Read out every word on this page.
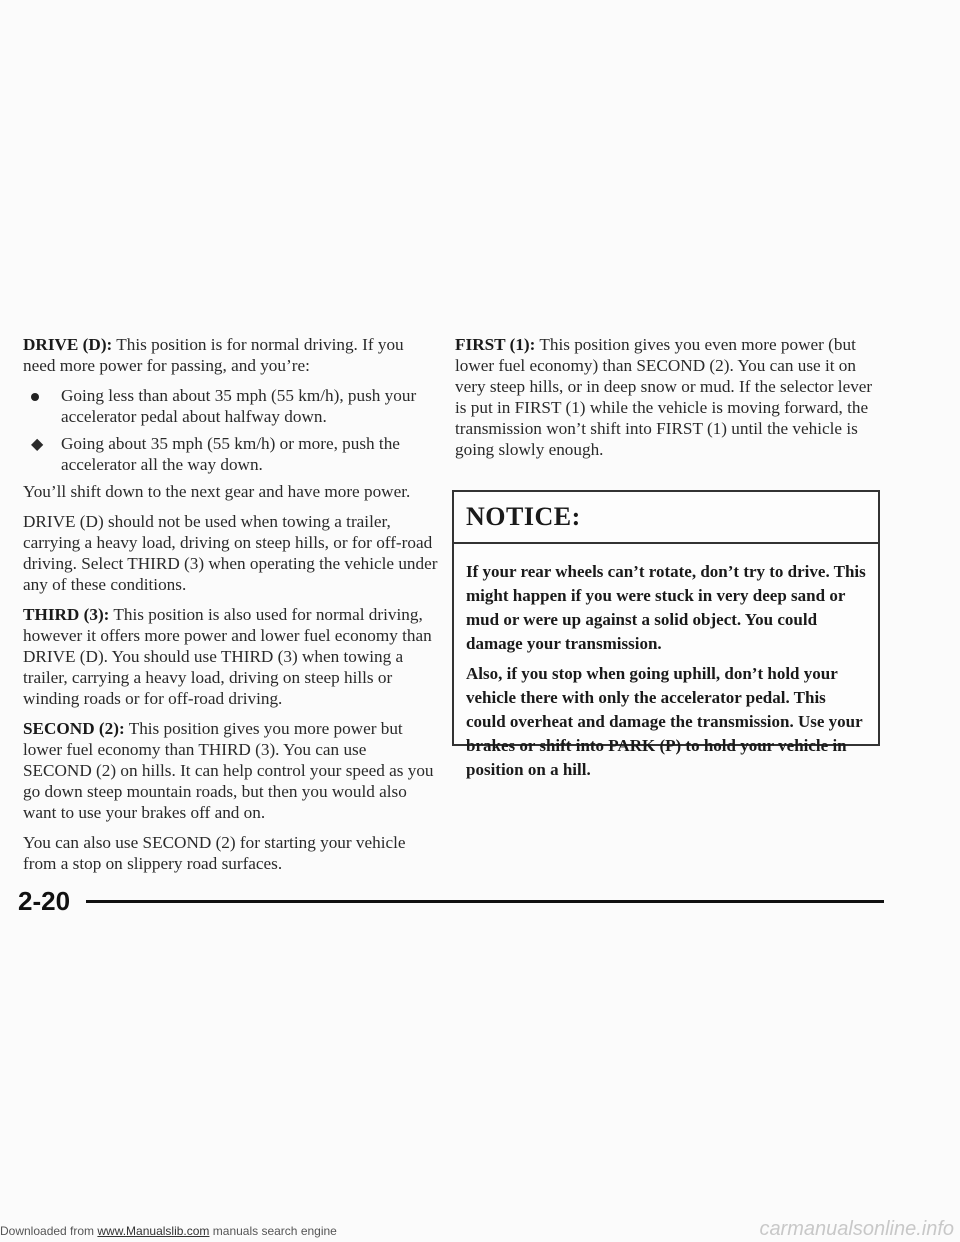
DRIVE (D): This position is for normal driving. If you need more power for passing, and you’re:

Going less than about 35 mph (55 km/h), push your accelerator pedal about halfway down.
◆	Going about 35 mph (55 km/h) or more, push the accelerator all the way down.

You’ll shift down to the next gear and have more power.

DRIVE (D) should not be used when towing a trailer, carrying a heavy load, driving on steep hills, or for off-road driving. Select THIRD (3) when operating the vehicle under any of these conditions.

THIRD (3): This position is also used for normal driving, however it offers more power and lower fuel economy than DRIVE (D). You should use THIRD (3) when towing a trailer, carrying a heavy load, driving on steep hills or winding roads or for off-road driving.

SECOND (2): This position gives you more power but lower fuel economy than THIRD (3). You can use SECOND (2) on hills. It can help control your speed as you go down steep mountain roads, but then you would also want to use your brakes off and on.

You can also use SECOND (2) for starting your vehicle from a stop on slippery road surfaces.

FIRST (1): This position gives you even more power (but lower fuel economy) than SECOND (2). You can use it on very steep hills, or in deep snow or mud. If the selector lever is put in FIRST (1) while the vehicle is moving forward, the transmission won’t shift into FIRST (1) until the vehicle is going slowly enough.

NOTICE:

If your rear wheels can’t rotate, don’t try to drive. This might happen if you were stuck in very deep sand or mud or were up against a solid object. You could damage your transmission.

Also, if you stop when going uphill, don’t hold your vehicle there with only the accelerator pedal. This could overheat and damage the transmission. Use your brakes or shift into PARK (P) to hold your vehicle in position on a hill.

2-20
Downloaded from www.Manualslib.com manuals search engine	carmanualsonline.info
